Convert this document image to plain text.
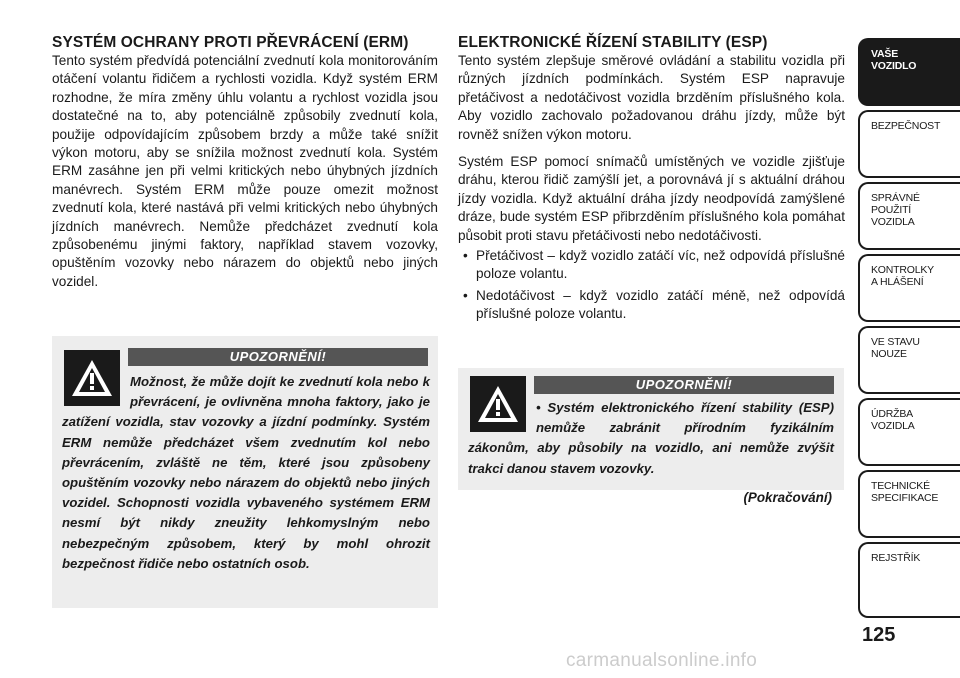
SYSTÉM OCHRANY PROTI PŘEVRÁCENÍ (ERM)

Tento systém předvídá potenciální zvednutí kola monitorováním otáčení volantu řidičem a rychlosti vozidla. Když systém ERM rozhodne, že míra změny úhlu volantu a rychlost vozidla jsou dostatečné na to, aby potenciálně způsobily zvednutí kola, použije odpovídajícím způsobem brzdy a může také snížit výkon motoru, aby se snížila možnost zvednutí kola. Systém ERM zasáhne jen při velmi kritických nebo úhybných jízdních manévrech. Systém ERM může pouze omezit možnost zvednutí kola, které nastává při velmi kritických nebo úhybných jízdních manévrech. Nemůže předcházet zvednutí kola způsobenému jinými faktory, například stavem vozovky, opuštěním vozovky nebo nárazem do objektů nebo jiných vozidel.

UPOZORNĚNÍ!
Možnost, že může dojít ke zvednutí kola nebo k převrácení, je ovlivněna mnoha faktory, jako je zatížení vozidla, stav vozovky a jízdní podmínky. Systém ERM nemůže předcházet všem zvednutím kol nebo převrácením, zvláště ne těm, které jsou způsobeny opuštěním vozovky nebo nárazem do objektů nebo jiných vozidel. Schopnosti vozidla vybaveného systémem ERM nesmí být nikdy zneužity lehkomyslným nebo nebezpečným způsobem, který by mohl ohrozit bezpečnost řidiče nebo ostatních osob.
ELEKTRONICKÉ ŘÍZENÍ STABILITY (ESP)

Tento systém zlepšuje směrové ovládání a stabilitu vozidla při různých jízdních podmínkách. Systém ESP napravuje přetáčivost a nedotáčivost vozidla brzděním příslušného kola. Aby vozidlo zachovalo požadovanou dráhu jízdy, může být rovněž snížen výkon motoru.

Systém ESP pomocí snímačů umístěných ve vozidle zjišťuje dráhu, kterou řidič zamýšlí jet, a porovnává jí s aktuální dráhou jízdy vozidla. Když aktuální dráha jízdy neodpovídá zamýšlené dráze, bude systém ESP přibrzděním příslušného kola pomáhat působit proti stavu přetáčivosti nebo nedotáčivosti.

• Přetáčivost – když vozidlo zatáčí víc, než odpovídá příslušné poloze volantu.
• Nedotáčivost – když vozidlo zatáčí méně, než odpovídá příslušné poloze volantu.
UPOZORNĚNÍ!
• Systém elektronického řízení stability (ESP) nemůže zabránit přírodním fyzikálním zákonům, aby působily na vozidlo, ani nemůže zvýšit trakci danou stavem vozovky.
(Pokračování)
VAŠE
VOZIDLO
BEZPEČNOST
SPRÁVNÉ
POUŽITÍ
VOZIDLA
KONTROLKY
A HLÁŠENÍ
VE STAVU
NOUZE
ÚDRŽBA
VOZIDLA
TECHNICKÉ
SPECIFIKACE
REJSTŘÍK
125
carmanualsonline.info
